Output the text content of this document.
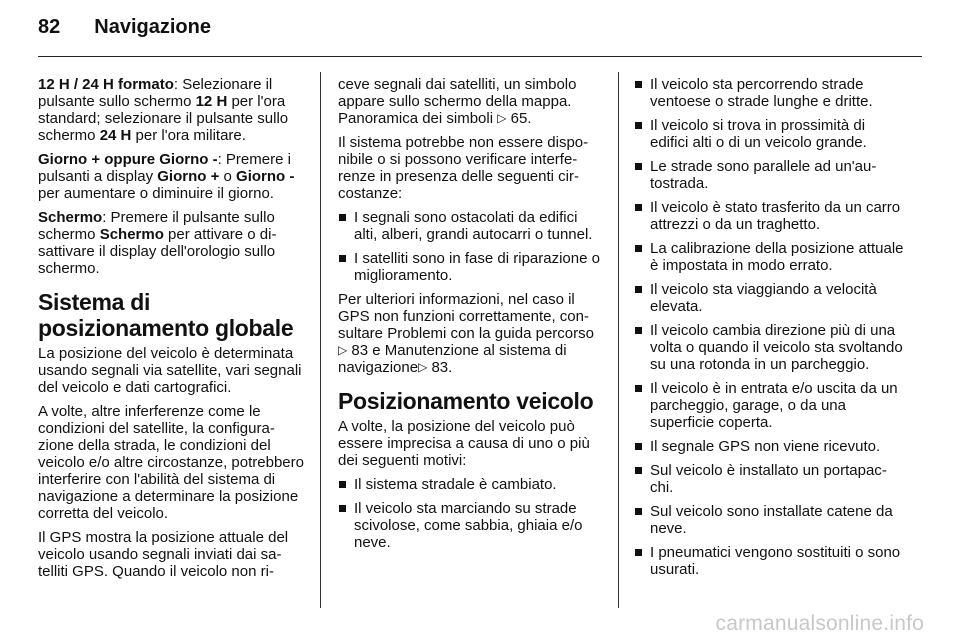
82 Navigazione

12 H / 24 H formato: Selezionare il pulsante sullo schermo 12 H per l'ora standard; selezionare il pulsante sullo schermo 24 H per l'ora militare.

Giorno + oppure Giorno -: Premere i pulsanti a display Giorno + o Giorno - per aumentare o diminuire il giorno.

Schermo: Premere il pulsante sullo schermo Schermo per attivare o disattivare il display dell'orologio sullo schermo.

Sistema di posizionamento globale

La posizione del veicolo è determinata usando segnali via satellite, vari segnali del veicolo e dati cartografici.

A volte, altre inferferenze come le condizioni del satellite, la configurazione della strada, le condizioni del veicolo e/o altre circostanze, potrebbero interferire con l'abilità del sistema di navigazione a determinare la posizione corretta del veicolo.

Il GPS mostra la posizione attuale del veicolo usando segnali inviati dai satelliti GPS. Quando il veicolo non ri-

ceve segnali dai satelliti, un simbolo appare sullo schermo della mappa. Panoramica dei simboli ▷ 65.

Il sistema potrebbe non essere disponibile o si possono verificare interferenze in presenza delle seguenti circostanze:

I segnali sono ostacolati da edifici alti, alberi, grandi autocarri o tunnel.
I satelliti sono in fase di riparazione o miglioramento.

Per ulteriori informazioni, nel caso il GPS non funzioni correttamente, consultare Problemi con la guida percorso ▷ 83 e Manutenzione al sistema di navigazione▷ 83.

Posizionamento veicolo

A volte, la posizione del veicolo può essere imprecisa a causa di uno o più dei seguenti motivi:

Il sistema stradale è cambiato.
Il veicolo sta marciando su strade scivolose, come sabbia, ghiaia e/o neve.
Il veicolo sta percorrendo strade ventoese o strade lunghe e dritte.
Il veicolo si trova in prossimità di edifici alti o di un veicolo grande.
Le strade sono parallele ad un'autostrada.
Il veicolo è stato trasferito da un carro attrezzi o da un traghetto.
La calibrazione della posizione attuale è impostata in modo errato.
Il veicolo sta viaggiando a velocità elevata.
Il veicolo cambia direzione più di una volta o quando il veicolo sta svoltando su una rotonda in un parcheggio.
Il veicolo è in entrata e/o uscita da un parcheggio, garage, o da una superficie coperta.
Il segnale GPS non viene ricevuto.
Sul veicolo è installato un portapacchi.
Sul veicolo sono installate catene da neve.
I pneumatici vengono sostituiti o sono usurati.
carmanualsonline.info
